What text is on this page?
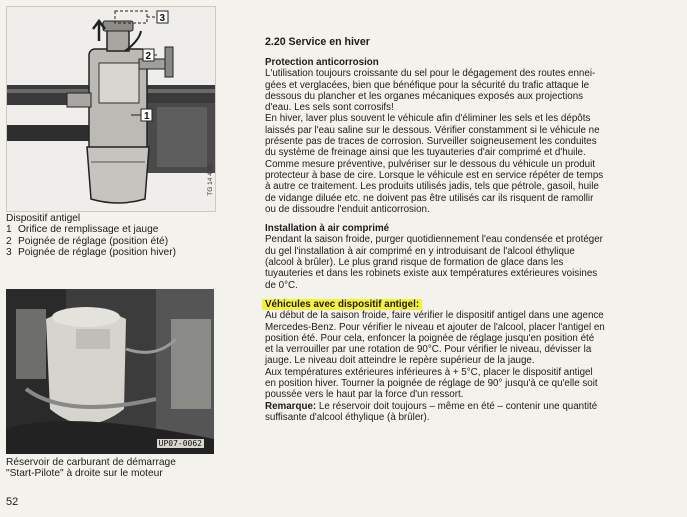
3
2
1
TG 14 420
Dispositif antigel
1 Orifice de remplissage et jauge
2 Poignée de réglage (position été)
3 Poignée de réglage (position hiver)
UP07-0062
Réservoir de carburant de démarrage
"Start-Pilote" à droite sur le moteur
52
2.20 Service en hiver
Protection anticorrosion

L'utilisation toujours croissante du sel pour le dégagement des routes ennei-

gées et verglacées, bien que bénéfique pour la sécurité du trafic attaque le

dessous du plancher et les organes mécaniques exposés aux projections

d'eau. Les sels sont corrosifs!

En hiver, laver plus souvent le véhicule afin d'éliminer les sels et les dépôts

laissés par l'eau saline sur le dessous. Vérifier constamment si le véhicule ne

présente pas de traces de corrosion. Surveiller soigneusement les conduites

du système de freinage ainsi que les tuyauteries d'air comprimé et d'huile.

Comme mesure préventive, pulvériser sur le dessous du véhicule un produit

protecteur à base de cire. Lorsque le véhicule est en service répéter de temps

à autre ce traitement. Les produits utilisés jadis, tels que pétrole, gasoil, huile

de vidange diluée etc. ne doivent pas être utilisés car ils risquent de ramollir

ou de dissoudre l'enduit anticorrosion.

Installation à air comprimé

Pendant la saison froide, purger quotidiennement l'eau condensée et protéger

du gel l'installation à air comprimé en y introduisant de l'alcool éthylique

(alcool à brûler). Le plus grand risque de formation de glace dans les

tuyauteries et dans les robinets existe aux températures extérieures voisines

de 0°C.

Véhicules avec dispositif antigel:

Au début de la saison froide, faire vérifier le dispositif antigel dans une agence

Mercedes-Benz. Pour vérifier le niveau et ajouter de l'alcool, placer l'antigel en

position été. Pour cela, enfoncer la poignée de réglage jusqu'en position été

et la verrouiller par une rotation de 90°C. Pour vérifier le niveau, dévisser la

jauge. Le niveau doit atteindre le repère supérieur de la jauge.

Aux températures extérieures inférieures à + 5°C, placer le dispositif antigel

en position hiver. Tourner la poignée de réglage de 90° jusqu'à ce qu'elle soit

poussée vers le haut par la force d'un ressort.

Remarque: Le réservoir doit toujours – même en été – contenir une quantité

suffisante d'alcool éthylique (à brûler).
